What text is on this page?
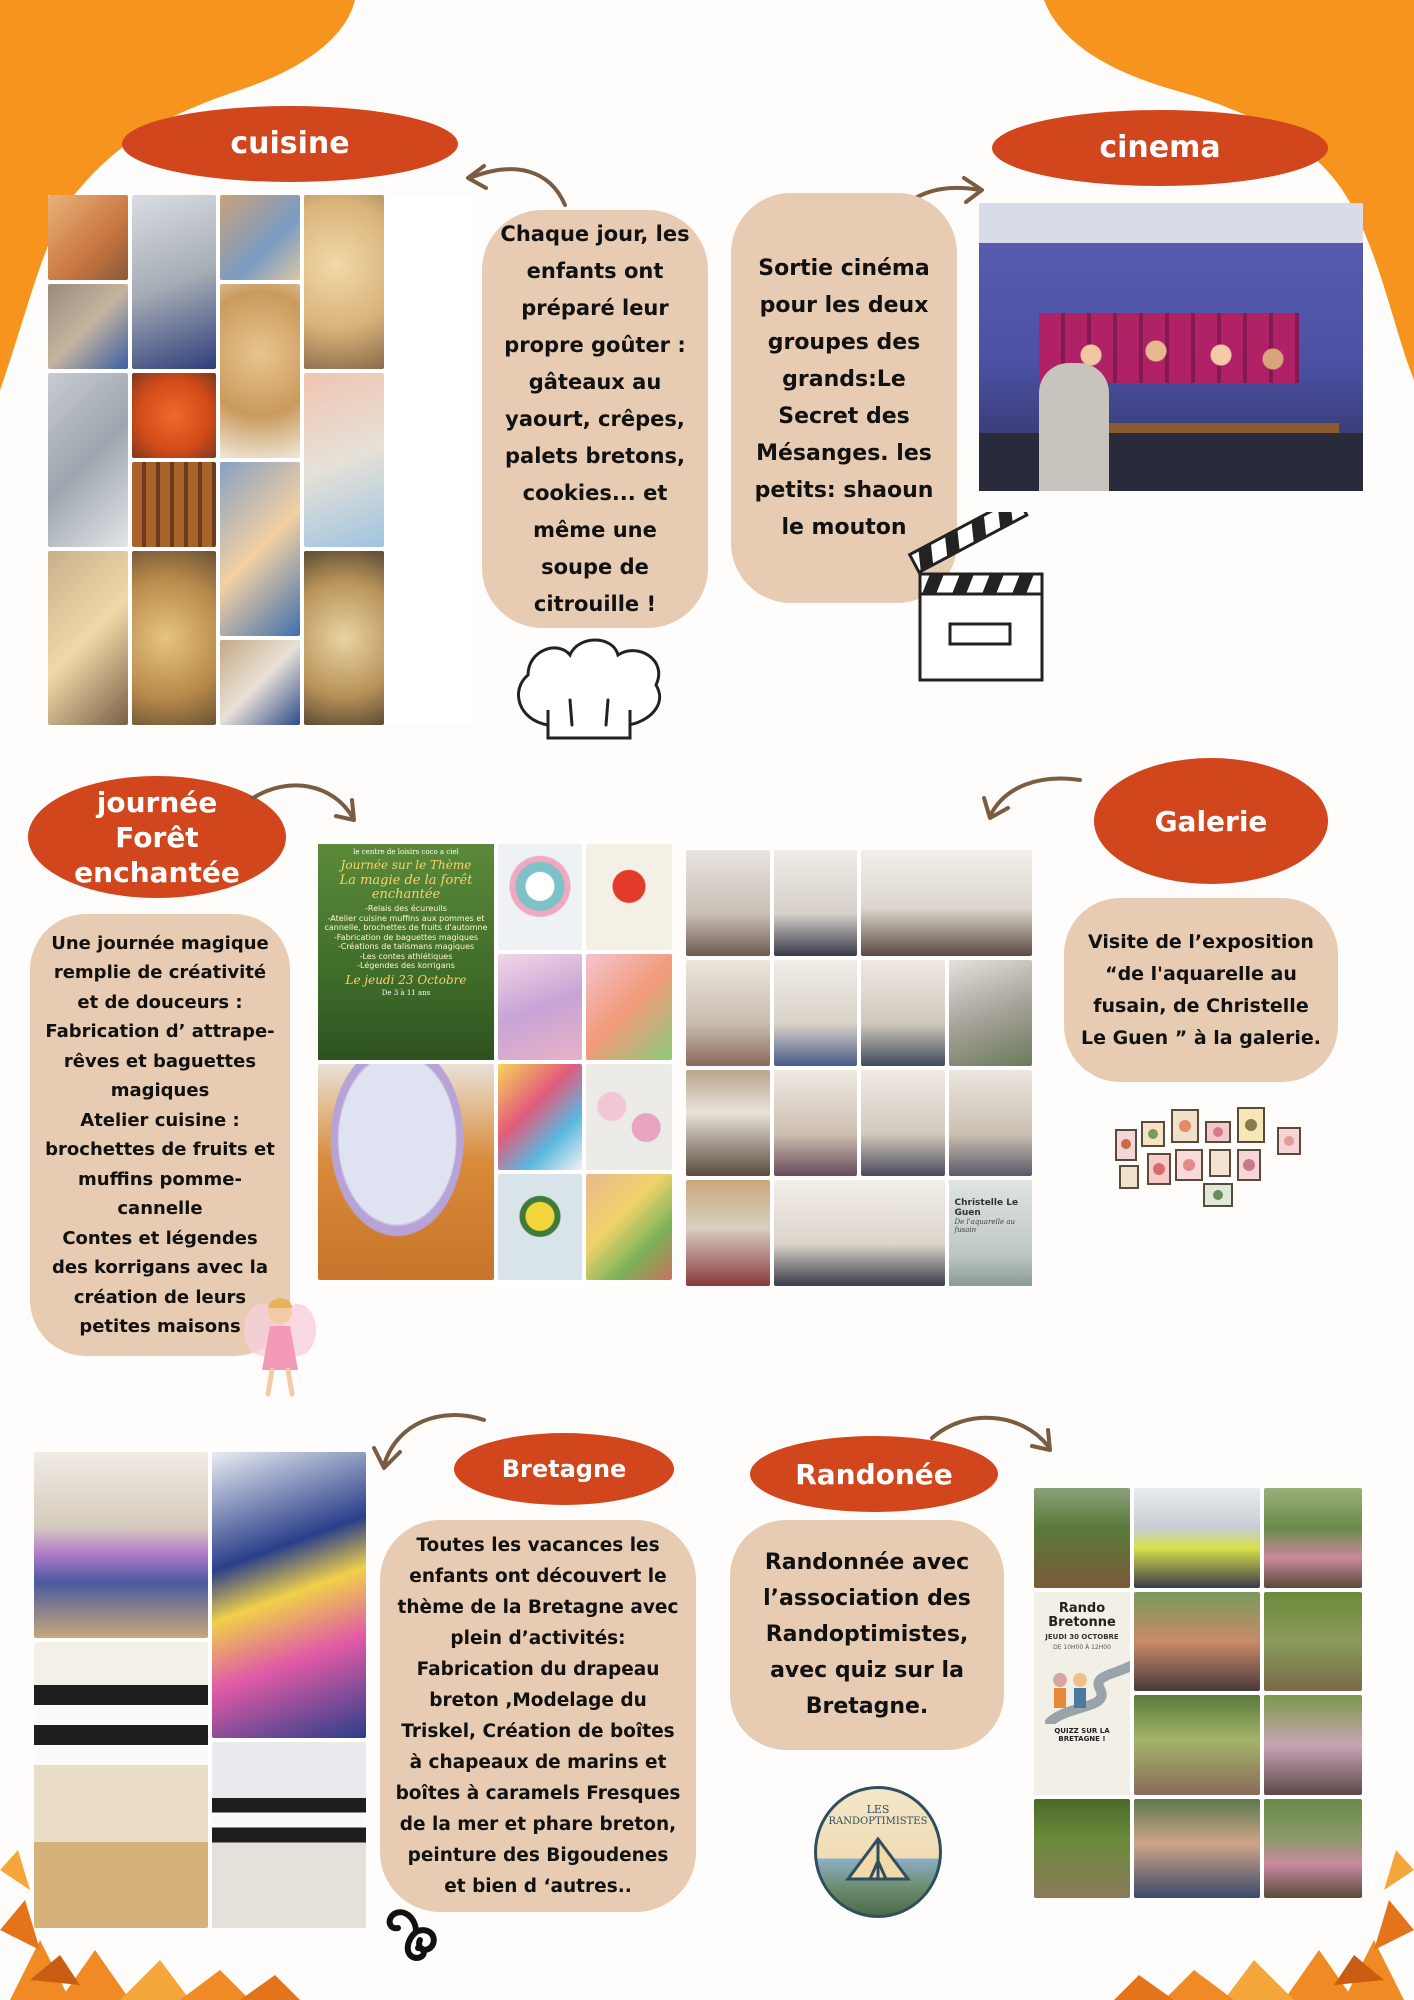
cuisine
Chaque jour, les enfants ont préparé leur propre goûter : gâteaux au yaourt, crêpes, palets bretons, cookies... et même une soupe de citrouille !
cinema
Sortie cinéma pour les deux groupes des grands:Le Secret des Mésanges. les petits: shaoun le mouton
journée Forêt enchantée
Une journée magique remplie de créativité et de douceurs :
Fabrication d’ attrape-rêves et baguettes magiques
Atelier cuisine : brochettes de fruits et muffins pomme-cannelle
Contes et légendes des korrigans avec la création de leurs petites maisons
le centre de loisirs coco a ciel
Journée sur le Thème
La magie de la forêt enchantée
-Relais des écureuils
-Atelier cuisine muffins aux pommes et cannelle, brochettes de fruits d'automne
-Fabrication de baguettes magiques
-Créations de talismans magiques
-Les contes athlétiques
-Légendes des korrigans
Le jeudi 23 Octobre
De 3 à 11 ans
Galerie
Visite de l’exposition “de l'aquarelle au fusain, de Christelle Le Guen ” à la galerie.
Christelle Le Guen
De l'aquarelle au fusain
Bretagne
Toutes les vacances les enfants ont découvert le thème de la Bretagne avec plein d’activités: Fabrication du drapeau breton ,Modelage du Triskel, Création de boîtes à chapeaux de marins et boîtes à caramels Fresques de la mer et phare breton, peinture des Bigoudenes et bien d ‘autres..
Randonée
Randonnée avec l’association des Randoptimistes, avec quiz sur la Bretagne.
LES
RANDOPTIMISTES
Rando Bretonne
JEUDI 30 OCTOBRE
DE 10H00 À 12H00
QUIZZ SUR LA BRETAGNE !
